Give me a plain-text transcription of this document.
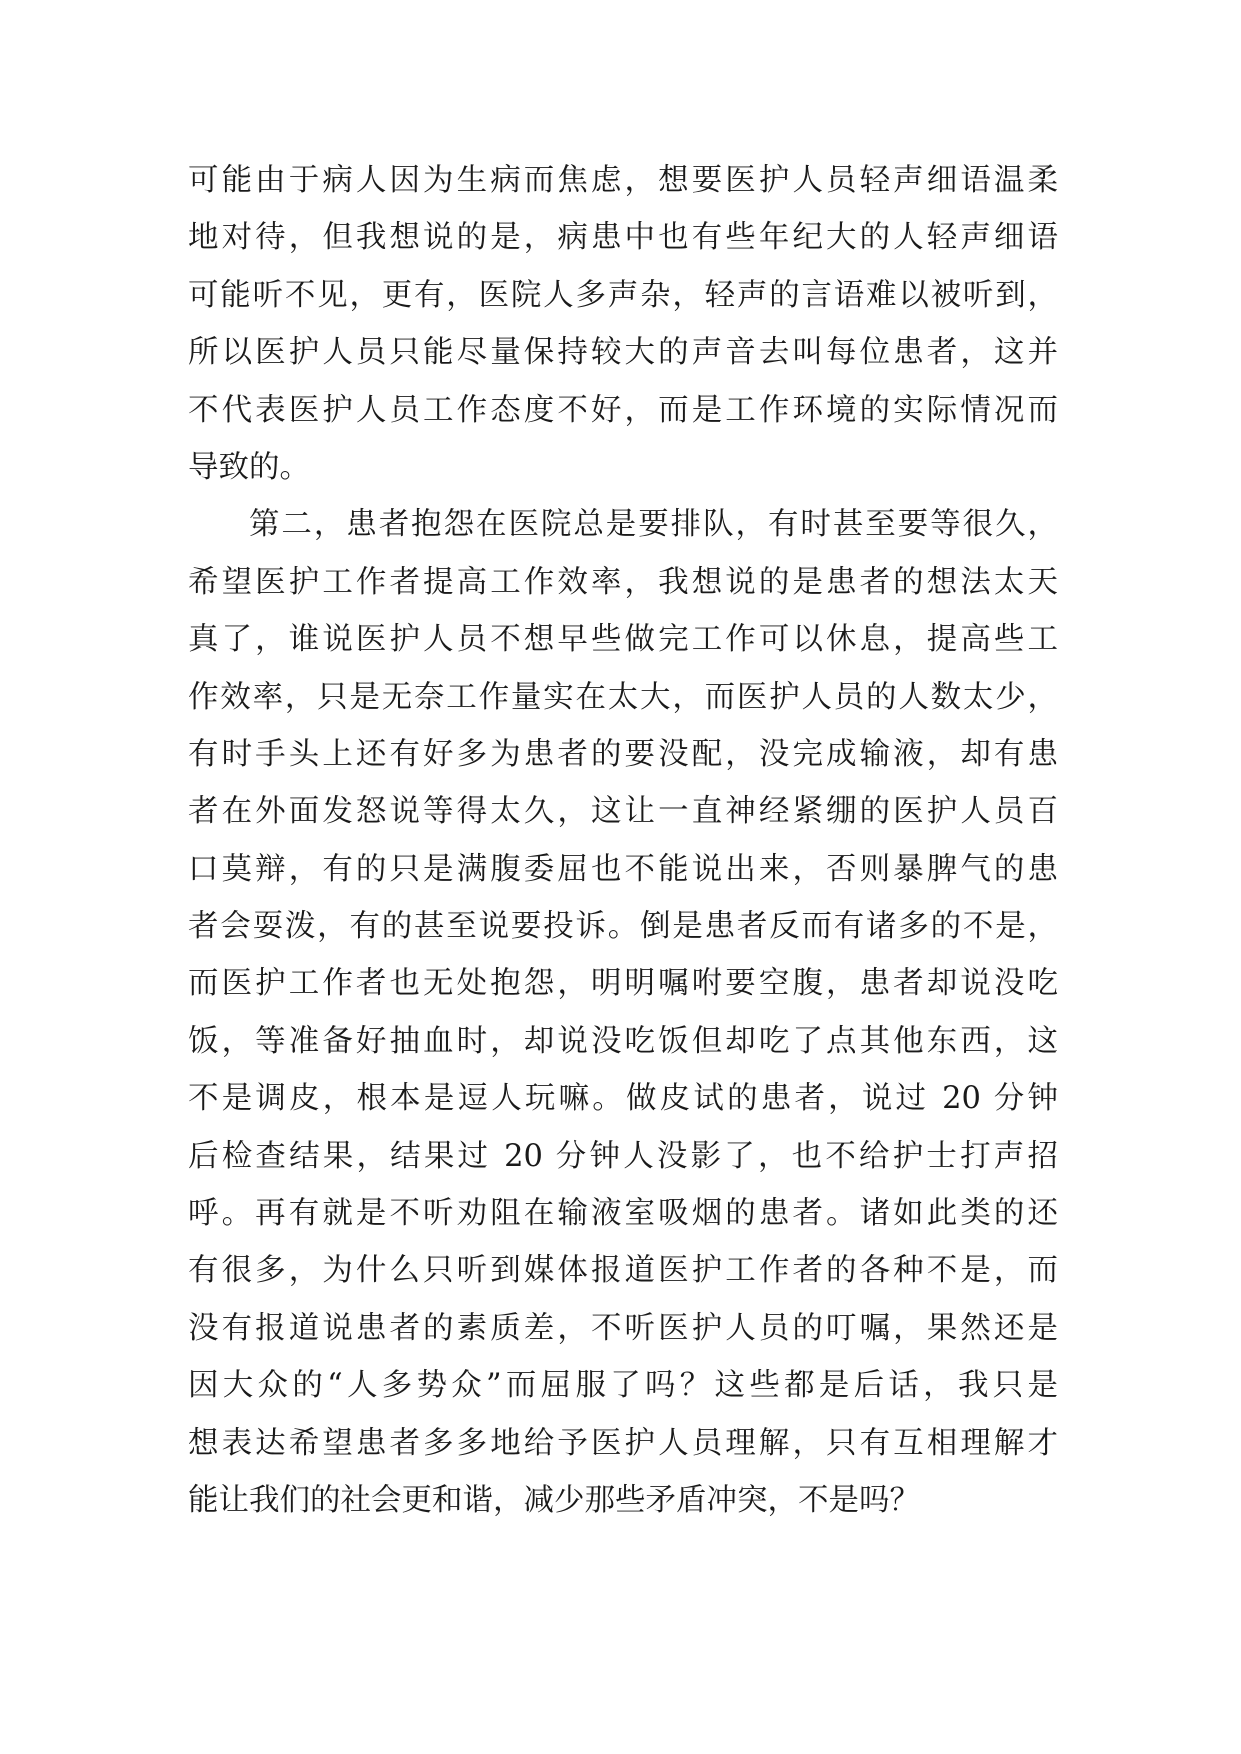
可能由于病人因为生病而焦虑，想要医护人员轻声细语温柔
地对待，但我想说的是，病患中也有些年纪大的人轻声细语
可能听不见，更有，医院人多声杂，轻声的言语难以被听到，
所以医护人员只能尽量保持较大的声音去叫每位患者，这并
不代表医护人员工作态度不好，而是工作环境的实际情况而
导致的。
第二，患者抱怨在医院总是要排队，有时甚至要等很久，
希望医护工作者提高工作效率，我想说的是患者的想法太天
真了，谁说医护人员不想早些做完工作可以休息，提高些工
作效率，只是无奈工作量实在太大，而医护人员的人数太少，
有时手头上还有好多为患者的要没配，没完成输液，却有患
者在外面发怒说等得太久，这让一直神经紧绷的医护人员百
口莫辩，有的只是满腹委屈也不能说出来，否则暴脾气的患
者会耍泼，有的甚至说要投诉。倒是患者反而有诸多的不是，
而医护工作者也无处抱怨，明明嘱咐要空腹，患者却说没吃
饭，等准备好抽血时，却说没吃饭但却吃了点其他东西，这
不是调皮，根本是逗人玩嘛。做皮试的患者，说过 20 分钟
后检查结果，结果过 20 分钟人没影了，也不给护士打声招
呼。再有就是不听劝阻在输液室吸烟的患者。诸如此类的还
有很多，为什么只听到媒体报道医护工作者的各种不是，而
没有报道说患者的素质差，不听医护人员的叮嘱，果然还是
因大众的“人多势众”而屈服了吗？这些都是后话，我只是
想表达希望患者多多地给予医护人员理解，只有互相理解才
能让我们的社会更和谐，减少那些矛盾冲突，不是吗？
